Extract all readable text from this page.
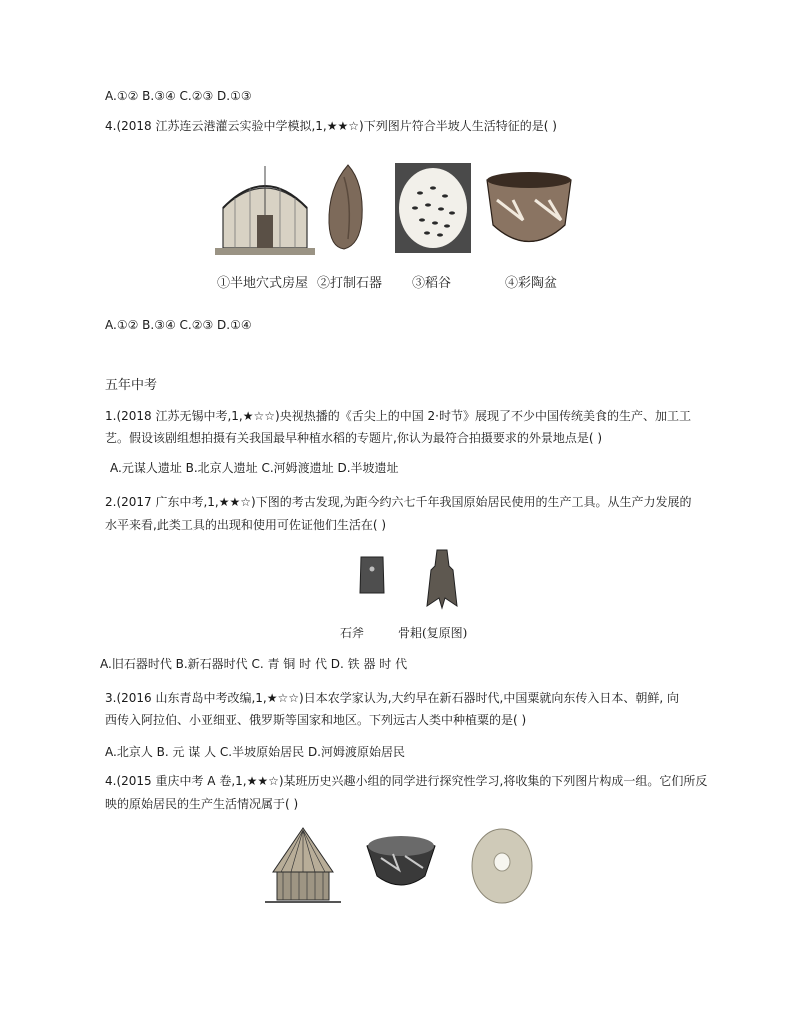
A.①② B.③④ C.②③ D.①③
4.(2018 江苏连云港灌云实验中学模拟,1,★★☆)下列图片符合半坡人生活特征的是( )
①半地穴式房屋 ②打制石器 ③稻谷	④彩陶盆
A.①② B.③④ C.②③ D.①④
五年中考
1.(2018 江苏无锡中考,1,★☆☆)央视热播的《舌尖上的中国 2·时节》展现了不少中国传统美食的生产、加工工
艺。假设该剧组想拍摄有关我国最早种植水稻的专题片,你认为最符合拍摄要求的外景地点是( )
A.元谋人遗址 B.北京人遗址 C.河姆渡遗址 D.半坡遗址
2.(2017 广东中考,1,★★☆)下图的考古发现,为距今约六七千年我国原始居民使用的生产工具。从生产力发展的
水平来看,此类工具的出现和使用可佐证他们生活在( )
石斧	骨耜(复原图)
A.旧石器时代 B.新石器时代 C. 青 铜 时 代 D. 铁 器 时 代
3.(2016 山东青岛中考改编,1,★☆☆)日本农学家认为,大约早在新石器时代,中国粟就向东传入日本、朝鲜, 向
西传入阿拉伯、小亚细亚、俄罗斯等国家和地区。下列远古人类中种植粟的是( )
A.北京人 B. 元 谋 人 C.半坡原始居民 D.河姆渡原始居民
4.(2015 重庆中考 A 卷,1,★★☆)某班历史兴趣小组的同学进行探究性学习,将收集的下列图片构成一组。它们所反
映的原始居民的生产生活情况属于( )
